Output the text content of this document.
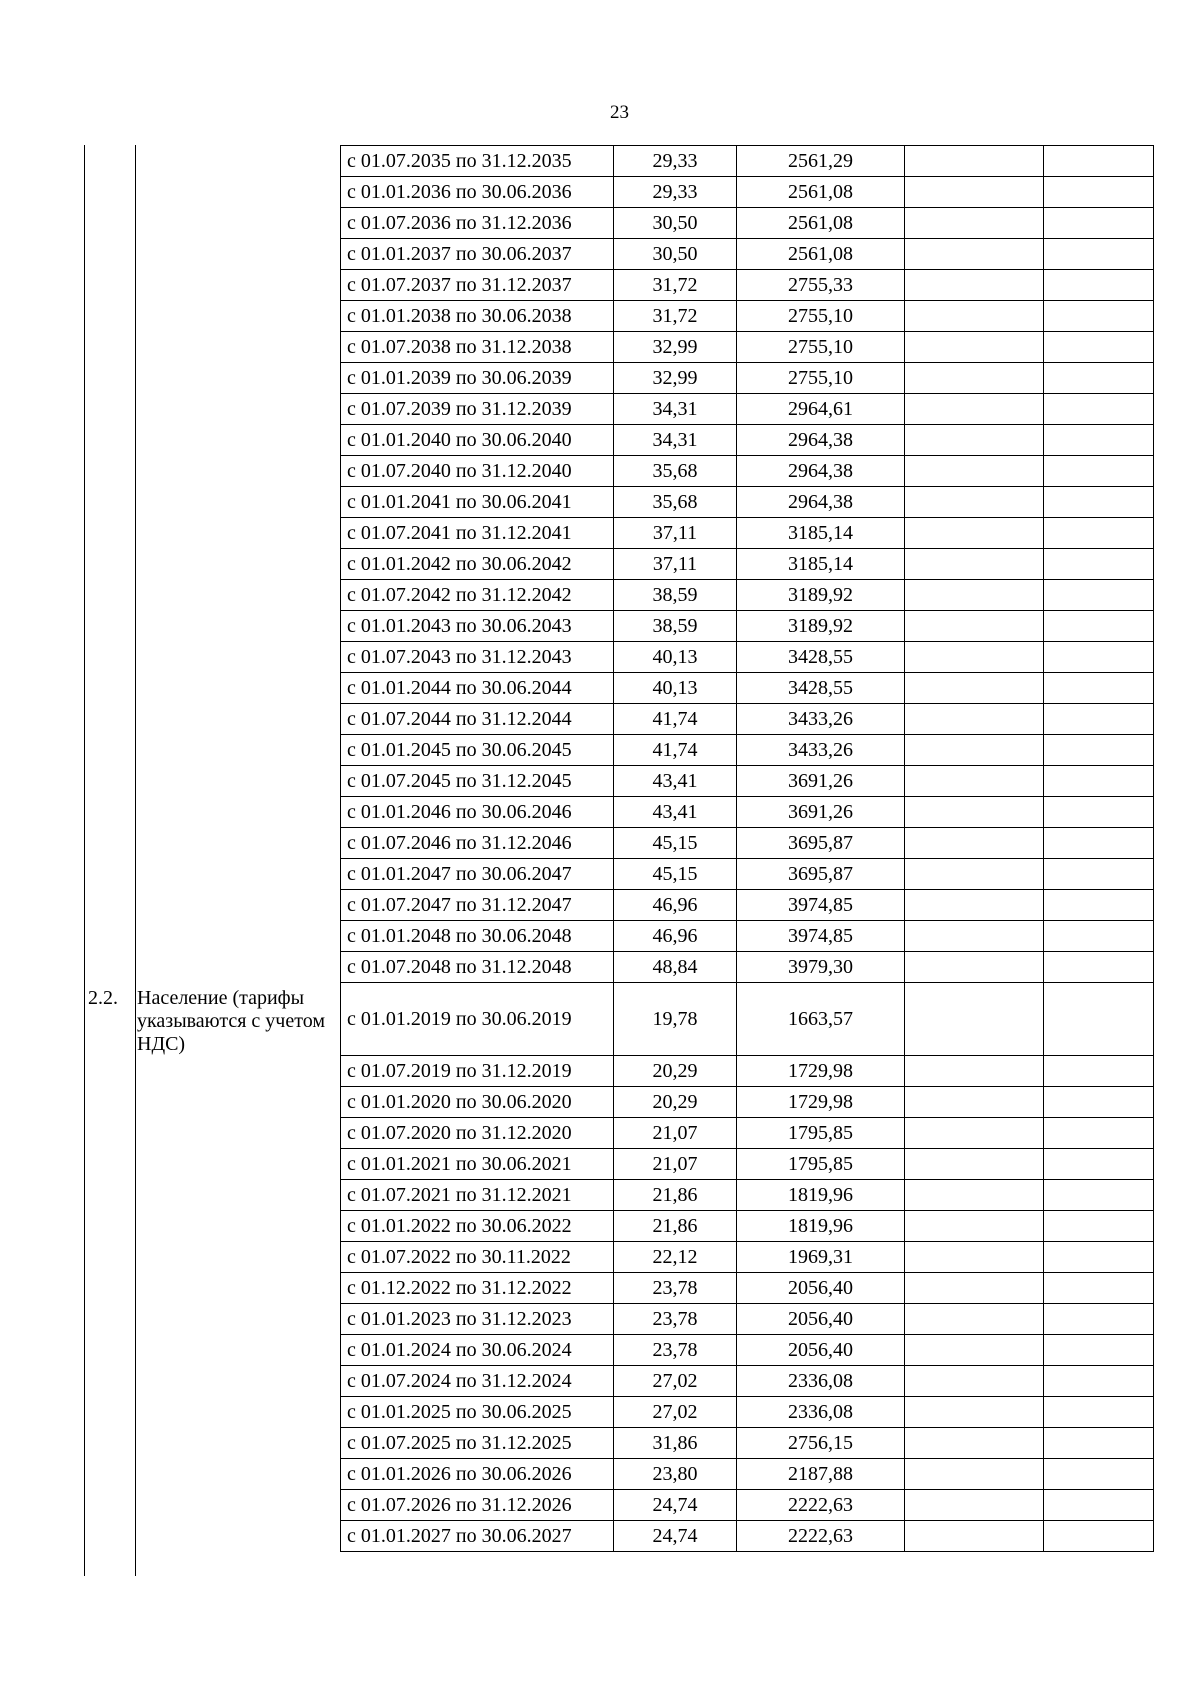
23
		с 01.07.2035 по 31.12.2035	29,33	2561,29		
		с 01.01.2036 по 30.06.2036	29,33	2561,08		
		с 01.07.2036 по 31.12.2036	30,50	2561,08		
		с 01.01.2037 по 30.06.2037	30,50	2561,08		
		с 01.07.2037 по 31.12.2037	31,72	2755,33		
		с 01.01.2038 по 30.06.2038	31,72	2755,10		
		с 01.07.2038 по 31.12.2038	32,99	2755,10		
		с 01.01.2039 по 30.06.2039	32,99	2755,10		
		с 01.07.2039 по 31.12.2039	34,31	2964,61		
		с 01.01.2040 по 30.06.2040	34,31	2964,38		
		с 01.07.2040 по 31.12.2040	35,68	2964,38		
		с 01.01.2041 по 30.06.2041	35,68	2964,38		
		с 01.07.2041 по 31.12.2041	37,11	3185,14		
		с 01.01.2042 по 30.06.2042	37,11	3185,14		
		с 01.07.2042 по 31.12.2042	38,59	3189,92		
		с 01.01.2043 по 30.06.2043	38,59	3189,92		
		с 01.07.2043 по 31.12.2043	40,13	3428,55		
		с 01.01.2044 по 30.06.2044	40,13	3428,55		
		с 01.07.2044 по 31.12.2044	41,74	3433,26		
		с 01.01.2045 по 30.06.2045	41,74	3433,26		
		с 01.07.2045 по 31.12.2045	43,41	3691,26		
		с 01.01.2046 по 30.06.2046	43,41	3691,26		
		с 01.07.2046 по 31.12.2046	45,15	3695,87		
		с 01.01.2047 по 30.06.2047	45,15	3695,87		
		с 01.07.2047 по 31.12.2047	46,96	3974,85		
		с 01.01.2048 по 30.06.2048	46,96	3974,85		
		с 01.07.2048 по 31.12.2048	48,84	3979,30		
2.2.	Население (тарифы указываются с учетом НДС)	с 01.01.2019 по 30.06.2019	19,78	1663,57		
		с 01.07.2019 по 31.12.2019	20,29	1729,98		
		с 01.01.2020 по 30.06.2020	20,29	1729,98		
		с 01.07.2020 по 31.12.2020	21,07	1795,85		
		с 01.01.2021 по 30.06.2021	21,07	1795,85		
		с 01.07.2021 по 31.12.2021	21,86	1819,96		
		с 01.01.2022 по 30.06.2022	21,86	1819,96		
		с 01.07.2022 по 30.11.2022	22,12	1969,31		
		с 01.12.2022 по 31.12.2022	23,78	2056,40		
		с 01.01.2023 по 31.12.2023	23,78	2056,40		
		с 01.01.2024 по 30.06.2024	23,78	2056,40		
		с 01.07.2024 по 31.12.2024	27,02	2336,08		
		с 01.01.2025 по 30.06.2025	27,02	2336,08		
		с 01.07.2025 по 31.12.2025	31,86	2756,15		
		с 01.01.2026 по 30.06.2026	23,80	2187,88		
		с 01.07.2026 по 31.12.2026	24,74	2222,63		
		с 01.01.2027 по 30.06.2027	24,74	2222,63		
